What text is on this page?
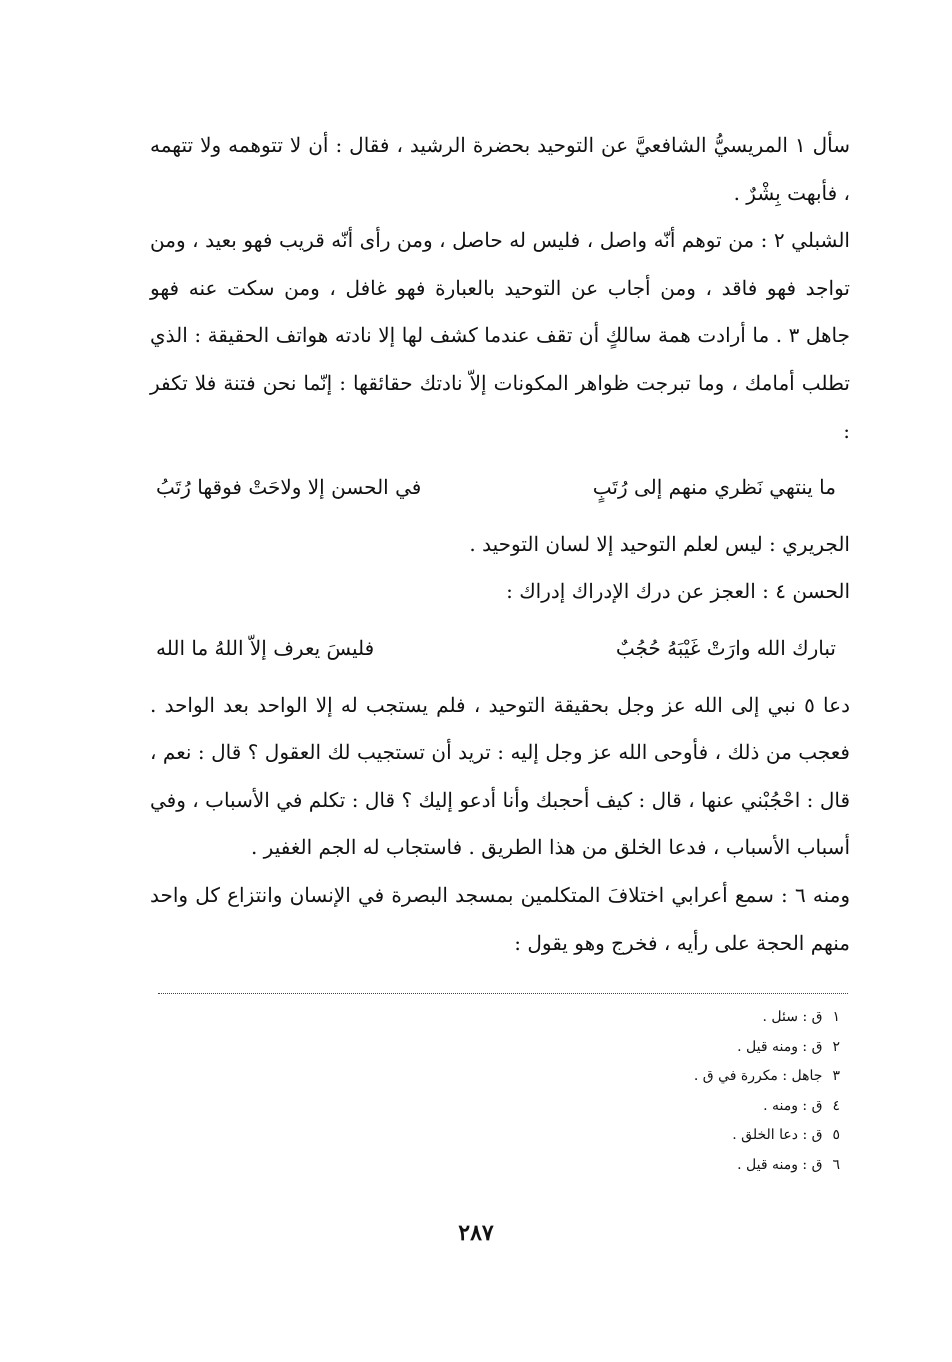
سأل ١ المريسيُّ الشافعيَّ عن التوحيد بحضرة الرشيد ، فقال : أن لا تتوهمه ولا تتهمه ، فأبهت بِشْرٌ .

الشبلي ٢ : من توهم أنّه واصل ، فليس له حاصل ، ومن رأى أنّه قريب فهو بعيد ، ومن تواجد فهو فاقد ، ومن أجاب عن التوحيد بالعبارة فهو غافل ، ومن سكت عنه فهو جاهل ٣ . ما أرادت همة سالكٍ أن تقف عندما كشف لها إلا نادته هواتف الحقيقة : الذي تطلب أمامك ، وما تبرجت ظواهر المكونات إلاّ نادتك حقائقها : إنّما نحن فتنة فلا تكفر :

ما ينتهي نَظري منهم إلى رُتَبٍ
في الحسن إلا ولاحَتْ فوقها رُتَبُ

الجريري : ليس لعلم التوحيد إلا لسان التوحيد .

الحسن ٤ : العجز عن درك الإدراك إدراك :

تبارك الله وارَتْ غَيْبَهُ حُجُبٌ
فليسَ يعرف إلاّ اللهُ ما الله

دعا ٥ نبي إلى الله عز وجل بحقيقة التوحيد ، فلم يستجب له إلا الواحد بعد الواحد . فعجب من ذلك ، فأوحى الله عز وجل إليه : تريد أن تستجيب لك العقول ؟ قال : نعم ، قال : احْجُبْني عنها ، قال : كيف أحجبك وأنا أدعو إليك ؟ قال : تكلم في الأسباب ، وفي أسباب الأسباب ، فدعا الخلق من هذا الطريق . فاستجاب له الجم الغفير .

ومنه ٦ : سمع أعرابي اختلافَ المتكلمين بمسجد البصرة في الإنسان وانتزاع كل واحد منهم الحجة على رأيه ، فخرج وهو يقول :

١
ق : سئل .
٢
ق : ومنه قيل .
٣
جاهل : مكررة في ق .
٤
ق : ومنه .
٥
ق : دعا الخلق .
٦
ق : ومنه قيل .
٢٨٧
